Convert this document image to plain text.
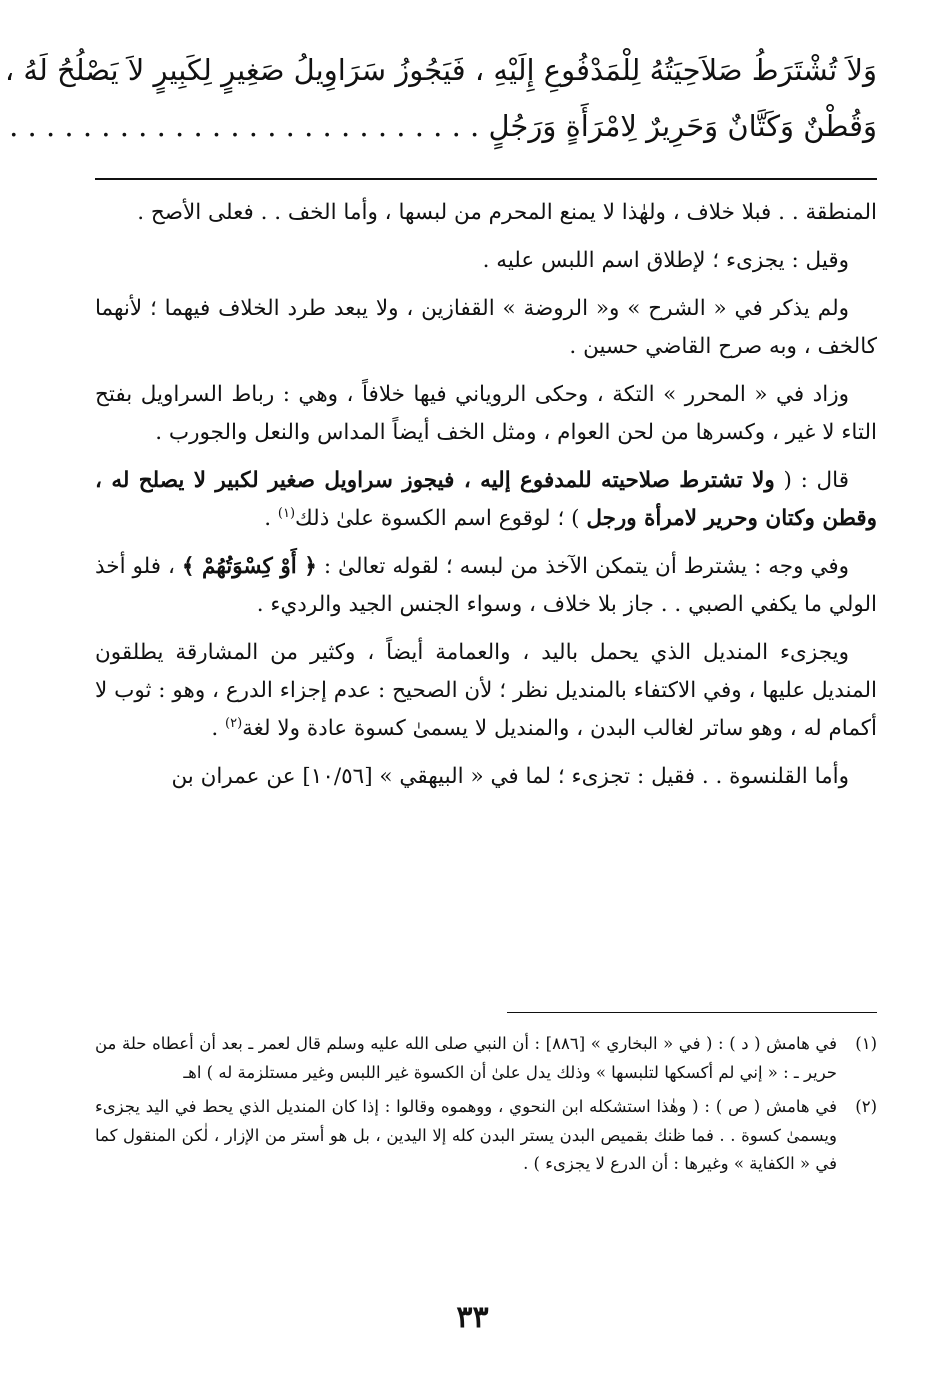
وَلاَ تُشْتَرَطُ صَلاَحِيَتُهُ لِلْمَدْفُوعِ إِلَيْهِ ، فَيَجُوزُ سَرَاوِيلُ صَغِيرٍ لِكَبِيرٍ لاَ يَصْلُحُ لَهُ ،
وَقُطْنٌ وَكَتَّانٌ وَحَرِيرٌ لِامْرَأَةٍ وَرَجُلٍ . . . . . . . . . . . . . . . . . . . . . . . . . .

المنطقة . . فبلا خلاف ، ولهٰذا لا يمنع المحرم من لبسها ، وأما الخف . . فعلى الأصح .

وقيل : يجزىء ؛ لإطلاق اسم اللبس عليه .

ولم يذكر في « الشرح » و« الروضة » القفازين ، ولا يبعد طرد الخلاف فيهما ؛ لأنهما كالخف ، وبه صرح القاضي حسين .

وزاد في « المحرر » التكة ، وحكى الروياني فيها خلافاً ، وهي : رباط السراويل بفتح التاء لا غير ، وكسرها من لحن العوام ، ومثل الخف أيضاً المداس والنعل والجورب .

قال : ( ولا تشترط صلاحيته للمدفوع إليه ، فيجوز سراويل صغير لكبير لا يصلح له ، وقطن وكتان وحرير لامرأة ورجل ) ؛ لوقوع اسم الكسوة علىٰ ذلك$^{(١)}$ .

وفي وجه : يشترط أن يتمكن الآخذ من لبسه ؛ لقوله تعالىٰ : ﴿ أَوْ كِسْوَتُهُمْ ﴾ ، فلو أخذ الولي ما يكفي الصبي . . جاز بلا خلاف ، وسواء الجنس الجيد والرديء .

ويجزىء المنديل الذي يحمل باليد ، والعمامة أيضاً ، وكثير من المشارقة يطلقون المنديل عليها ، وفي الاكتفاء بالمنديل نظر ؛ لأن الصحيح : عدم إجزاء الدرع ، وهو : ثوب لا أكمام له ، وهو ساتر لغالب البدن ، والمنديل لا يسمىٰ كسوة عادة ولا لغة$^{(٢)}$ .

وأما القلنسوة . . فقيل : تجزىء ؛ لما في « البيهقي » [١٠/٥٦] عن عمران بن

(١)
في هامش ( د ) : ( في « البخاري » [٨٨٦] : أن النبي صلى الله عليه وسلم قال لعمر ـ بعد أن أعطاه حلة من حرير ـ : « إني لم أكسكها لتلبسها » وذلك يدل علىٰ أن الكسوة غير اللبس وغير مستلزمة له ) اهـ
(٢)
في هامش ( ص ) : ( وهٰذا استشكله ابن النحوي ، ووهموه وقالوا : إذا كان المنديل الذي يحط في اليد يجزىء ويسمىٰ كسوة . . فما ظنك بقميص البدن يستر البدن كله إلا اليدين ، بل هو أستر من الإزار ، لٰكن المنقول كما في « الكفاية » وغيرها : أن الدرع لا يجزىء ) .
٣٣
